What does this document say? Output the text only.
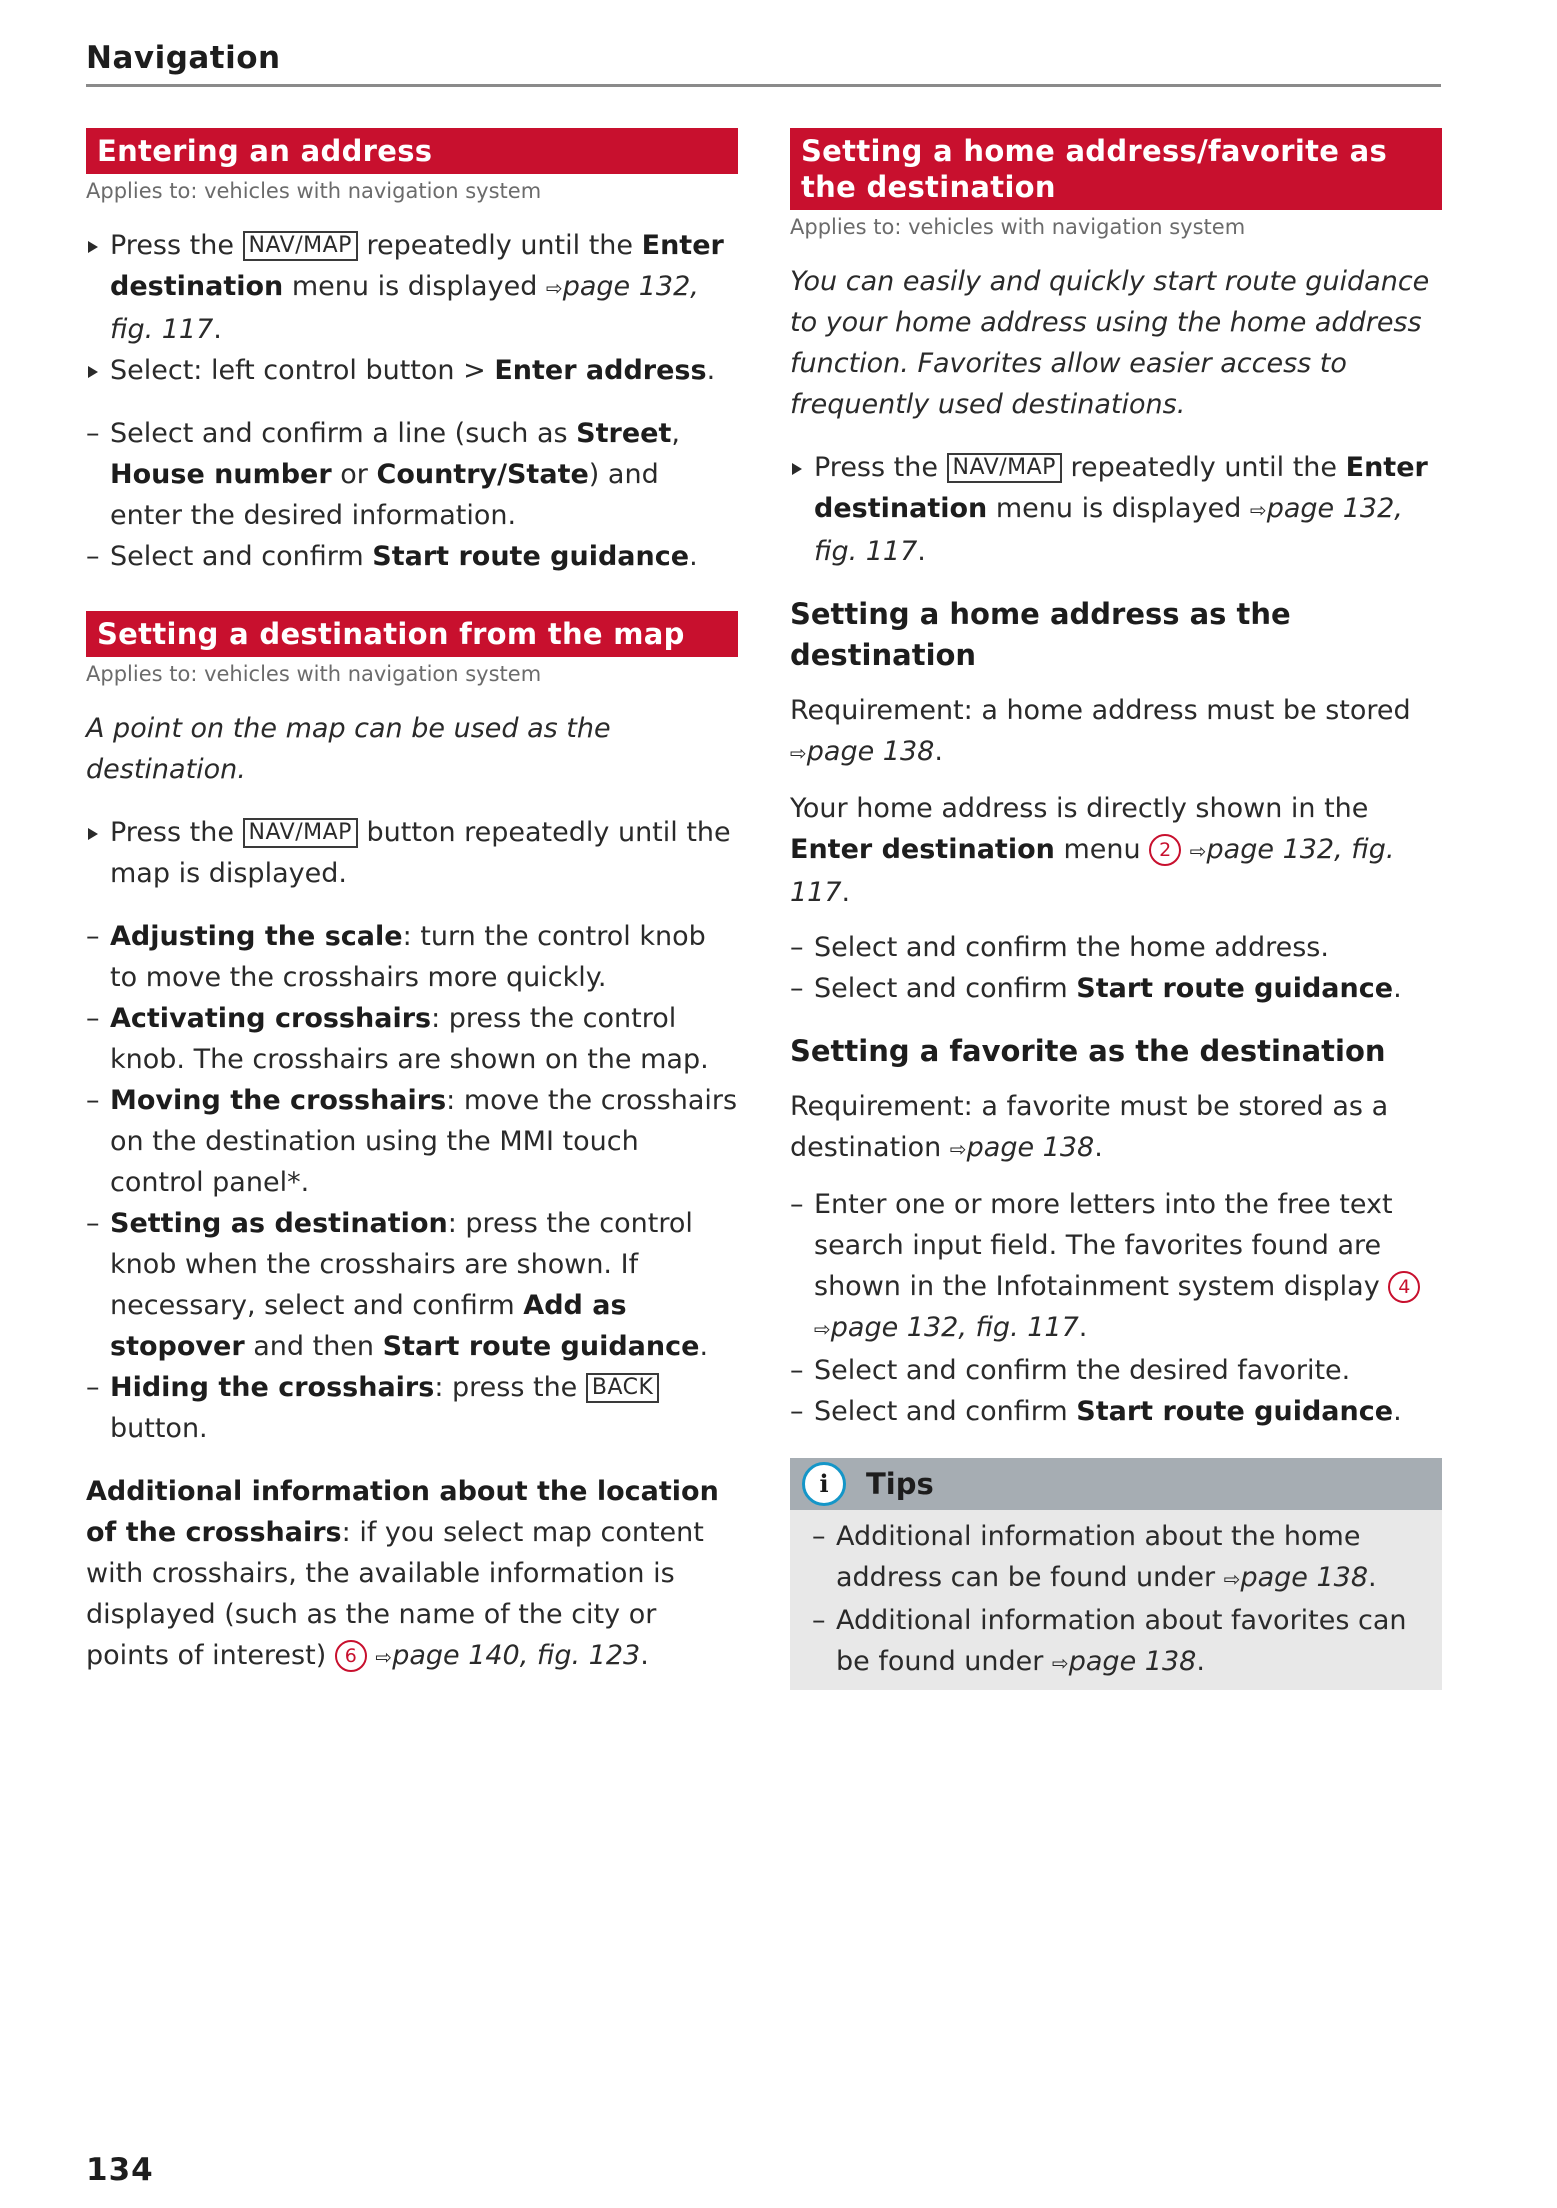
Navigation
Entering an address
Applies to: vehicles with navigation system
Press the NAV/MAP repeatedly until the Enter destination menu is displayed ⇨page 132, fig. 117.
Select: left control button > Enter address.
– Select and confirm a line (such as Street, House number or Country/State) and enter the desired information.
– Select and confirm Start route guidance.
Setting a destination from the map
Applies to: vehicles with navigation system

A point on the map can be used as the destination.

Press the NAV/MAP button repeatedly until the map is displayed.
– Adjusting the scale: turn the control knob to move the crosshairs more quickly.
– Activating crosshairs: press the control knob. The crosshairs are shown on the map.
– Moving the crosshairs: move the crosshairs on the destination using the MMI touch control panel*.
– Setting as destination: press the control knob when the crosshairs are shown. If necessary, select and confirm Add as stopover and then Start route guidance.
– Hiding the crosshairs: press the BACK button.

Additional information about the location of the crosshairs: if you select map content with crosshairs, the available information is displayed (such as the name of the city or points of interest) 6 ⇨page 140, fig. 123.

Setting a home address/favorite as the destination
Applies to: vehicles with navigation system

You can easily and quickly start route guidance to your home address using the home address function. Favorites allow easier access to frequently used destinations.

Press the NAV/MAP repeatedly until the Enter destination menu is displayed ⇨page 132, fig. 117.
Setting a home address as the destination

Requirement: a home address must be stored ⇨page 138.

Your home address is directly shown in the Enter destination menu 2 ⇨page 132, fig. 117.

– Select and confirm the home address.
– Select and confirm Start route guidance.
Setting a favorite as the destination

Requirement: a favorite must be stored as a destination ⇨page 138.

– Enter one or more letters into the free text search input field. The favorites found are shown in the Infotainment system display 4 ⇨page 132, fig. 117.
– Select and confirm the desired favorite.
– Select and confirm Start route guidance.
i	Tips
– Additional information about the home address can be found under ⇨page 138.
– Additional information about favorites can be found under ⇨page 138.
134
